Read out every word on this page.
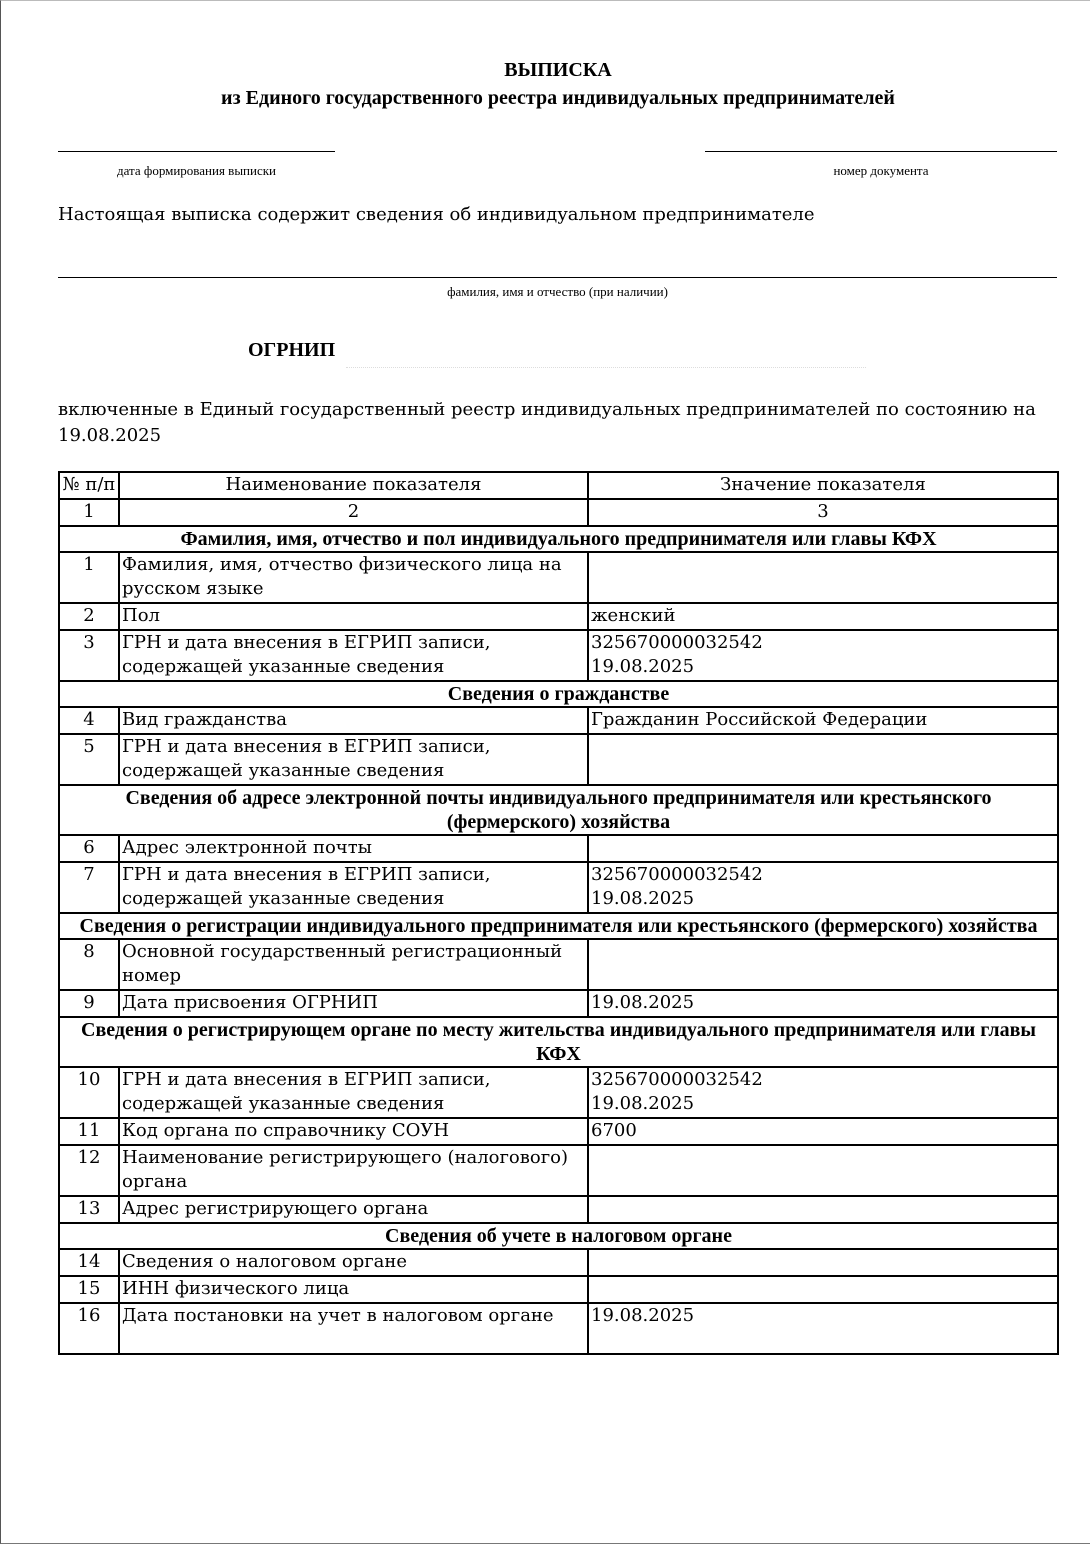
ВЫПИСКА
из Единого государственного реестра индивидуальных предпринимателей
дата формирования выписки	номер документа
Настоящая выписка содержит сведения об индивидуальном предпринимателе
фамилия, имя и отчество (при наличии)
ОГРНИП
включенные в Единый государственный реестр индивидуальных предпринимателей по состоянию на 19.08.2025
№ п/п	Наименование показателя	Значение показателя
1	2	3
Фамилия, имя, отчество и пол индивидуального предпринимателя или главы КФХ		
1	Фамилия, имя, отчество физического лица на русском языке	

2	Пол	женский

3	ГРН и дата внесения в ЕГРИП записи, содержащей указанные сведения	325670000032542
19.08.2025

Сведения о гражданстве		
4	Вид гражданства	Гражданин Российской Федерации

5	ГРН и дата внесения в ЕГРИП записи, содержащей указанные сведения	

Сведения об адресе электронной почты индивидуального предпринимателя или крестьянского (фермерского) хозяйства		
6	Адрес электронной почты	

7	ГРН и дата внесения в ЕГРИП записи, содержащей указанные сведения	325670000032542
19.08.2025

Сведения о регистрации индивидуального предпринимателя или крестьянского (фермерского) хозяйства		
8	Основной государственный регистрационный номер	

9	Дата присвоения ОГРНИП	19.08.2025

Сведения о регистрирующем органе по месту жительства индивидуального предпринимателя или главы КФХ		
10	ГРН и дата внесения в ЕГРИП записи, содержащей указанные сведения	325670000032542
19.08.2025

11	Код органа по справочнику СОУН	6700

12	Наименование регистрирующего (налогового) органа	

13	Адрес регистрирующего органа	

Сведения об учете в налоговом органе		
14	Сведения о налоговом органе	

15	ИНН физического лица	

16	Дата постановки на учет в налоговом органе	19.08.2025
